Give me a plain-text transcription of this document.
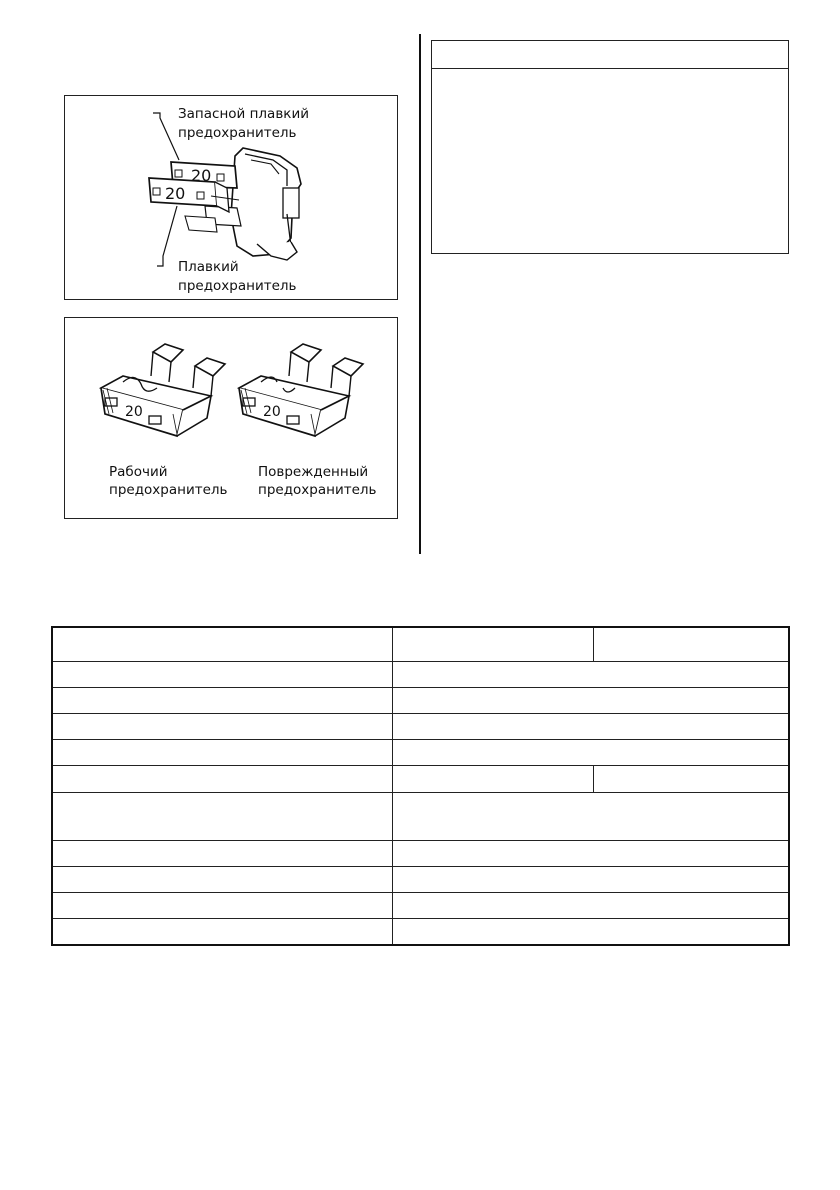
Запасной плавкий
предохранитель
20
20
Плавкий
предохранитель
20	20
Рабочий
предохранитель
Поврежденный
предохранитель
